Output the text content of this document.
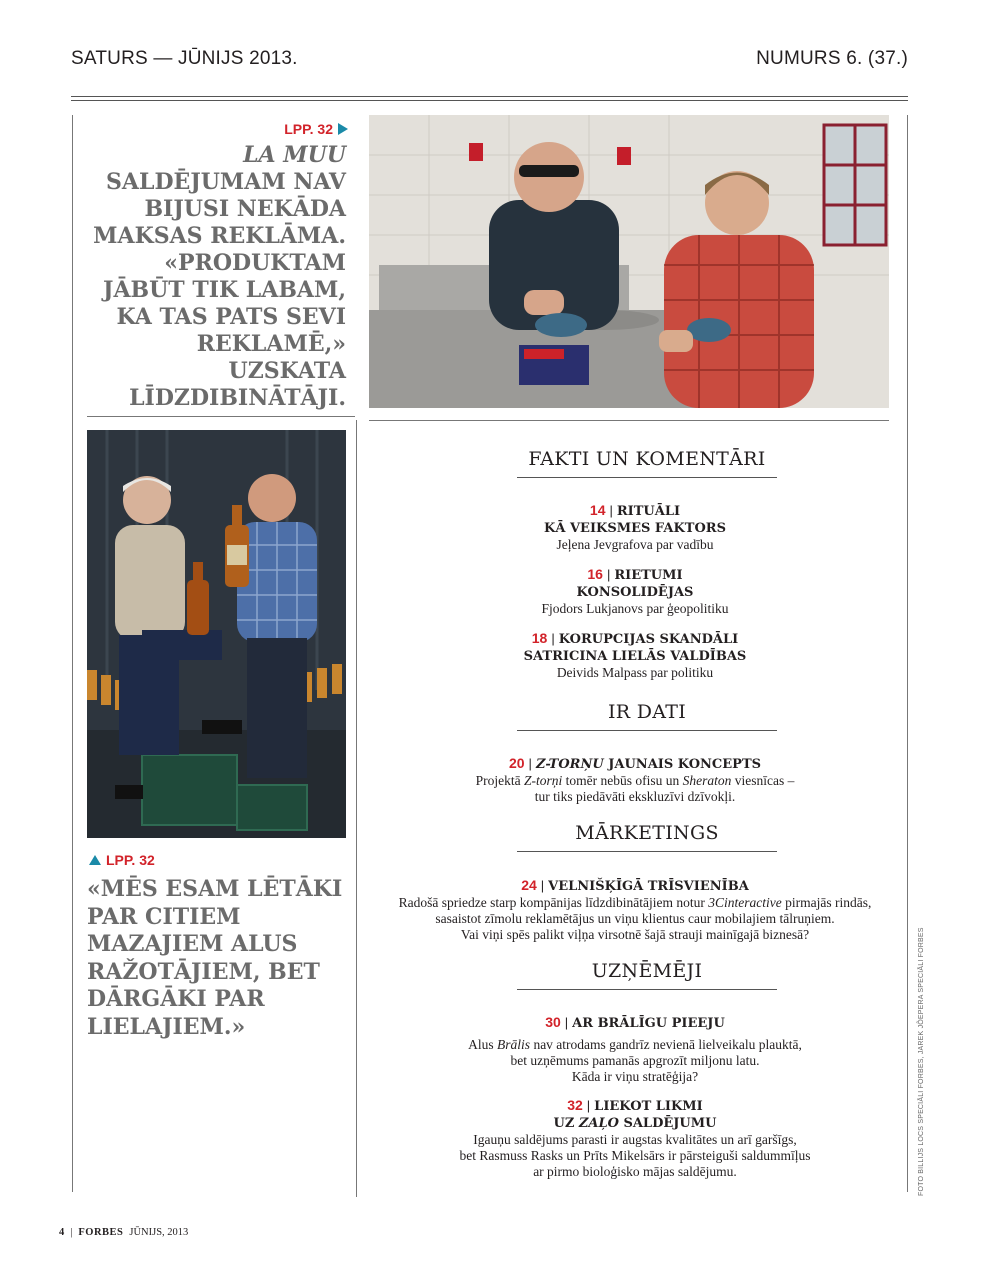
SATURS — JŪNIJS 2013.	NUMURS 6. (37.)
LPP. 32
LA MUU SALDĒJUMAM NAV BIJUSI NEKĀDA MAKSAS REKLĀMA. «PRODUKTAM JĀBŪT TIK LABAM, KA TAS PATS SEVI REKLAMĒ,» UZSKATA LĪDZDIBINĀTĀJI.
LPP. 32
«MĒS ESAM LĒTĀKI PAR CITIEM MAZAJIEM ALUS RAŽOTĀJIEM, BET DĀRGĀKI PAR LIELAJIEM.»
FAKTI UN KOMENTĀRI
14 | RITUĀLI
KĀ VEIKSMES FAKTORS
Jeļena Jevgrafova par vadību
16 | RIETUMI
KONSOLIDĒJAS
Fjodors Lukjanovs par ģeopolitiku
18 | KORUPCIJAS SKANDĀLI
SATRICINA LIELĀS VALDĪBAS
Deivids Malpass par politiku
IR DATI
20 | Z-TORŅU JAUNAIS KONCEPTS
Projektā Z-torņi tomēr nebūs ofisu un Sheraton viesnīcas –
tur tiks piedāvāti ekskluzīvi dzīvokļi.
MĀRKETINGS
24 | VELNIŠĶĪGĀ TRĪSVIENĪBA
Radošā spriedze starp kompānijas līdzdibinātājiem notur 3Cinteractive pirmajās rindās,
sasaistot zīmolu reklamētājus un viņu klientus caur mobilajiem tālruņiem.
Vai viņi spēs palikt viļņa virsotnē šajā strauji mainīgajā biznesā?
UZŅĒMĒJI
30 | AR BRĀLĪGU PIEEJU
Alus Brālis nav atrodams gandrīz nevienā lielveikalu plauktā,
bet uzņēmums pamanās apgrozīt miljonu latu.
Kāda ir viņu stratēģija?
32 | LIEKOT LIKMI
UZ ZAĻO SALDĒJUMU
Igauņu saldējums parasti ir augstas kvalitātes un arī garšīgs,
bet Rasmuss Rasks un Prīts Mikelsārs ir pārsteiguši saldummīļus
ar pirmo bioloģisko mājas saldējumu.	FOTO BILLIJS LOCS SPECIĀLI FORBES, JAREK JÕEPERA SPECIĀLI FORBES
4 | FORBES JŪNIJS, 2013
